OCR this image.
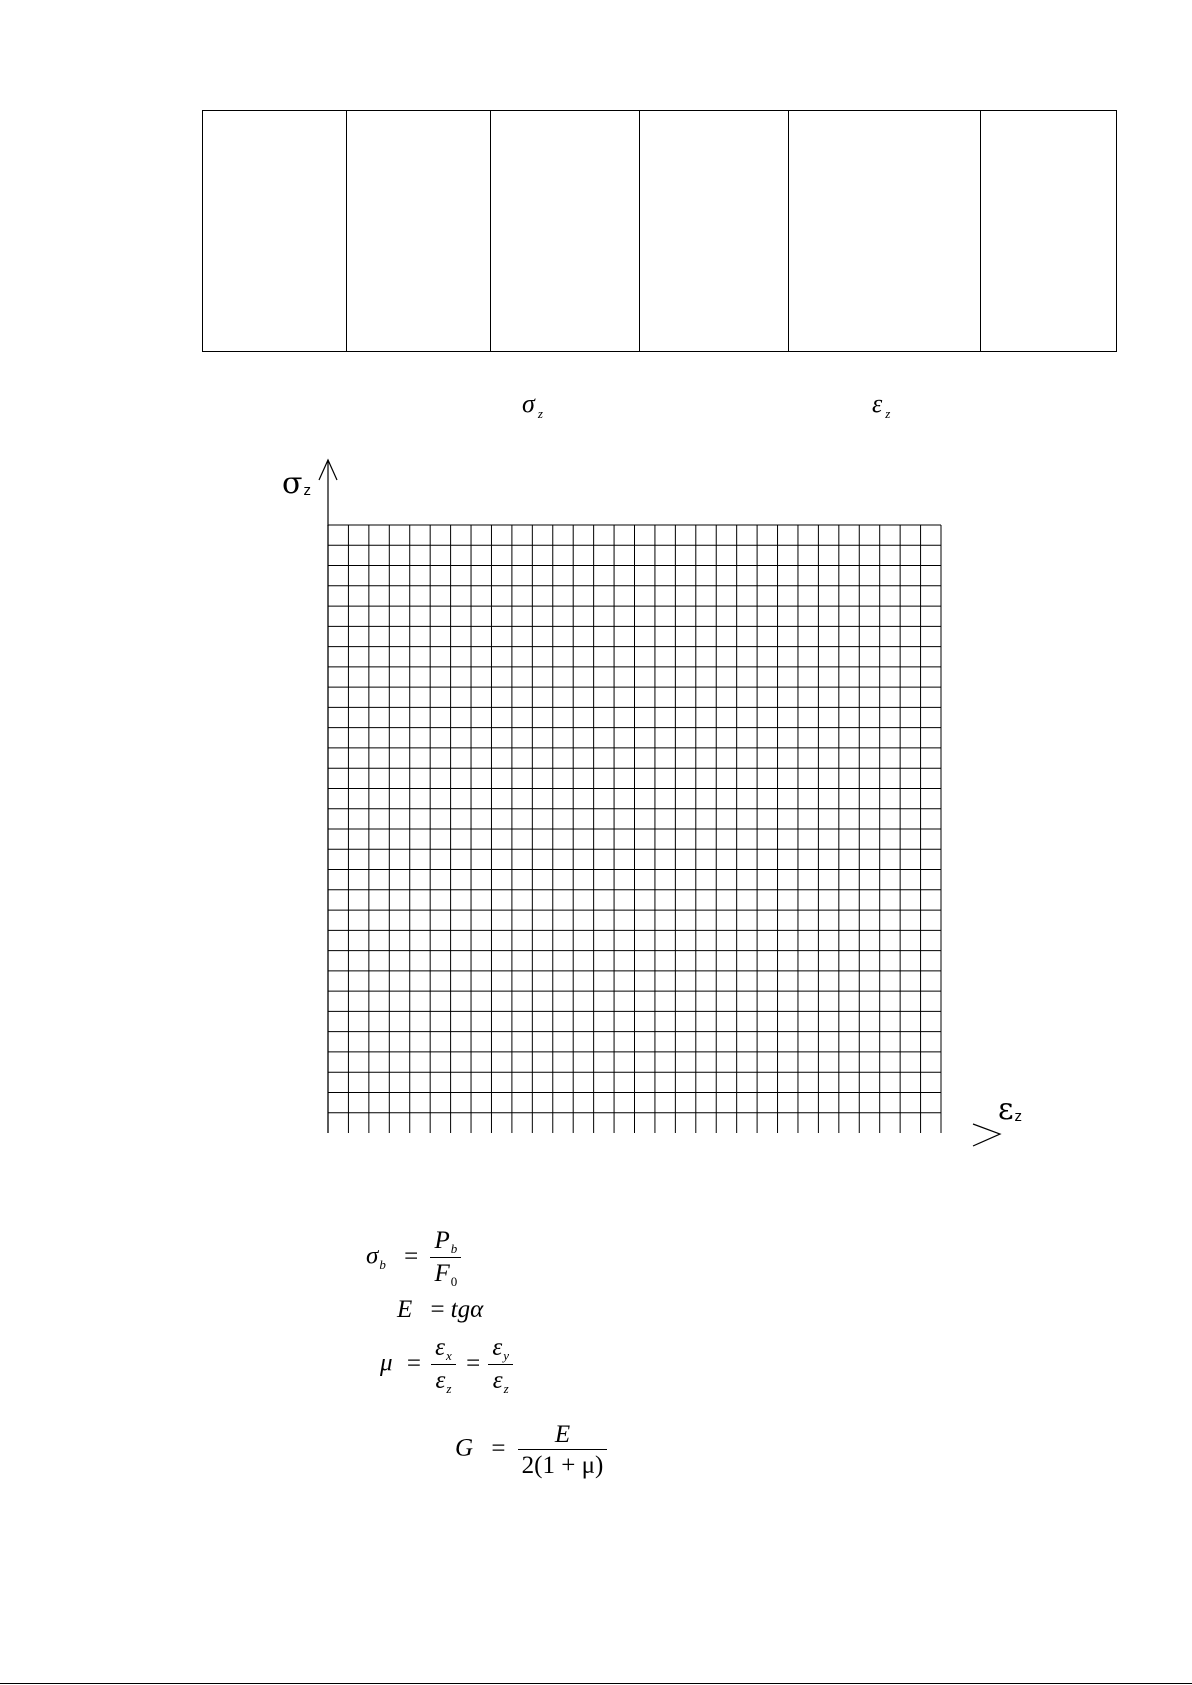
σ $_z$	ε $_z$
$\sigma_z$
$\varepsilon_z$
$\sigma_b = \frac{P_b}{F_0}$
E = tgα
$\mu = \frac{\varepsilon_x}{\varepsilon_z} = \frac{\varepsilon_y}{\varepsilon_z}$
$G = \frac{E}{2(1 + \mu)}$
